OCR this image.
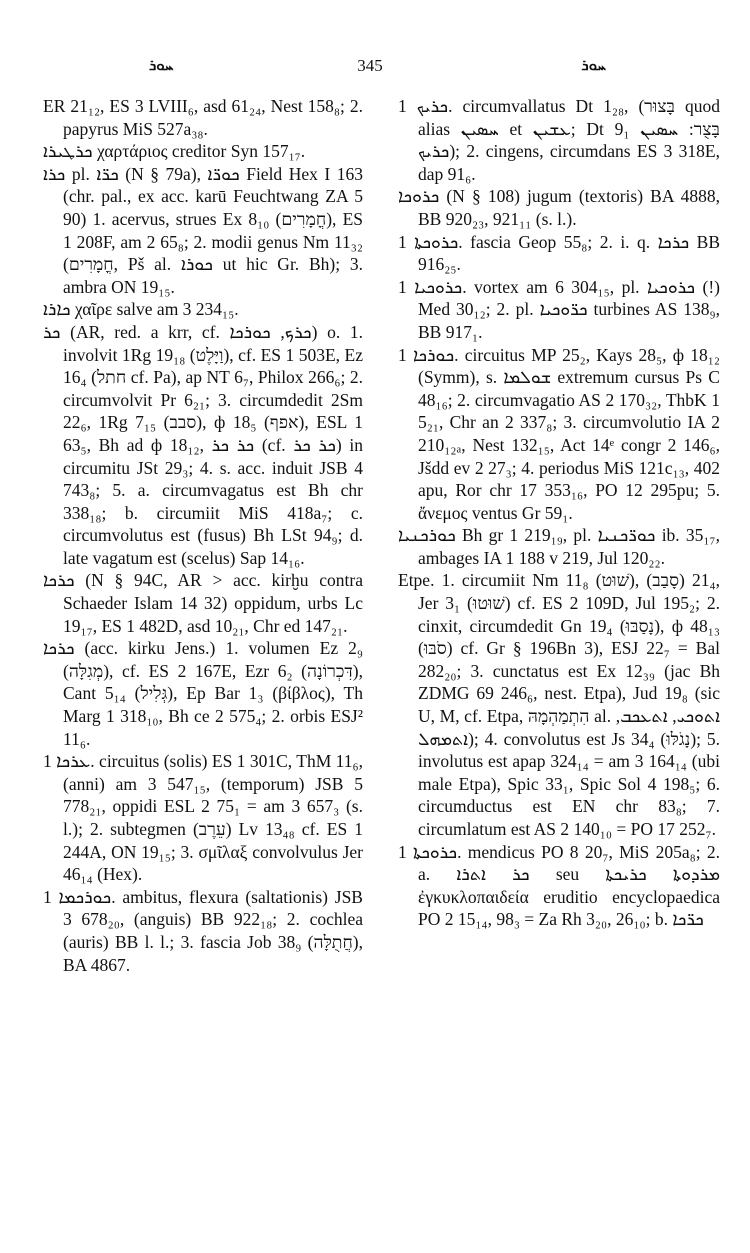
ܚܘܪ	345	ܚܘܪ

ER 21₁₂, ES 3 LVIII₆, asd 61₂₄, Nest 158₈; 2. papyrus MiS 527a₃₈.

ܟܪܛܝܪܐ χαρτάριος creditor Syn 157₁₇.

ܟܪܐ pl. ܟܪ̈ܐ (N § 79a), ܟܘܪ̈ܐ Field Hex I 163 (chr. pal., ex acc. karū Feuchtwang ZA 5 90) 1. acervus, strues Ex 8₁₀ (חֳמָרִים), ES 1 208F, am 2 65₈; 2. modii genus Nm 11₃₂ (חֳמָרִים, Pš al. ܟܘܪܐ ut hic Gr. Bh); 3. ambra ON 19₁₅.

ܟܐܪܐ χαῖρε salve am 3 234₁₅.

ܟܪ (AR, red. a krr, cf. ܟܪܟ, ܟܘܪܟܐ) o. 1. involvit 1Rg 19₁₈ (וַיָּלֶט), cf. ES 1 503E, Ez 16₄ (חתל cf. Pa), ap NT 6₇, Philox 266₆; 2. circumvolvit Pr 6₂₁; 3. circumdedit 2Sm 22₆, 1Rg 7₁₅ (סבב), ф 18₅ (אפף), ESL 1 63₅, Bh ad ф 18₁₂, ܟܪ ܟܪ (cf. ܟܪ ܟܪ) in circumitu JSt 29₃; 4. s. acc. induit JSB 4 743₈; 5. a. circumvagatus est Bh chr 338₁₈; b. circumiit MiS 418a₇; c. circumvolutus est (fusus) Bh LSt 94₉; d. late vagatum est (scelus) Sap 14₁₆.

ܟܪܟܐ (N § 94C, AR > acc. kirḫu contra Schaeder Islam 14 32) oppidum, urbs Lc 19₁₇, ES 1 482D, asd 10₂₁, Chr ed 147₂₁.

ܟܪܟܐ (acc. kirku Jens.) 1. volumen Ez 2₉ (מְגִלָּה), cf. ES 2 167E, Ezr 6₂ (דִּכְרוֹנָה), Cant 5₁₄ (גְּלִיל), Ep Bar 1₃ (βίβλος), Th Marg 1 318₁₀, Bh ce 2 575₄; 2. orbis ESJ² 11₆.

ܥܪܟܐ 1. circuitus (solis) ES 1 301C, ThM 11₆, (anni) am 3 547₁₅, (temporum) JSB 5 778₂₁, oppidi ESL 2 75₁ = am 3 657₃ (s. l.); 2. subtegmen (עֵרֶב) Lv 13₄₈ cf. ES 1 244A, ON 19₁₅; 3. σμῖλαξ convolvulus Jer 46₁₄ (Hex).

ܟܘܪܟܡܐ 1. ambitus, flexura (saltationis) JSB 3 678₂₀, (anguis) BB 922₁₈; 2. cochlea (auris) BB l. l.; 3. fascia Job 38₉ (חֲתֻלָּה), BA 4867.

ܟܪܝܟ 1. circumvallatus Dt 1₂₈, (בָּצוּר quod alias ܚܣܝܢ et ܥܫܝܢ; Dt 9₁ בָּצֻר: ܚܣܝܢ ܟܪܝܟ); 2. cingens, circumdans ES 3 318E, dap 91₆.

ܟܪܘܟܐ (N § 108) jugum (textoris) BA 4888, BB 920₂₃, 921₁₁ (s. l.).

ܟܪܘܟܬܐ 1. fascia Geop 55₈; 2. i. q. ܟܪܟܐ BB 916₂₅.

ܟܪܘܟܝܐ 1. vortex am 6 304₁₅, pl. ܟܪܘܟܝܐ (!) Med 30₁₂; 2. pl. ܟܪ̈ܘܟܝܐ turbines AS 138₉, BB 917₁.

ܟܘܪܟܐ 1. circuitus MP 25₂, Kays 28₅, ф 18₁₂ (Symm), s. ܫܘܠܡܐ extremum cursus Ps C 48₁₆; 2. circumvagatio AS 2 170₃₂, ThbK 1 5₂₁, Chr an 2 337₈; 3. circumvolutio IA 2 210₁₂ₐ, Nest 132₁₅, Act 14ᵉ congr 2 146₆, Jšdd ev 2 27₃; 4. periodus MiS 121c₁₃, 402 apu, Ror chr 17 353₁₆, PO 12 295pu; 5. ἄνεμος ventus Gr 59₁.

ܟܘܪܟܢܝܐ Bh gr 1 219₁₉, pl. ܟܘܪ̈ܟܢܝܐ ib. 35₁₇, ambages IA 1 188 v 219, Jul 120₂₂.

Etpe. 1. circumiit Nm 11₈ (שׁוּט), 21₄ (סָבַב), Jer 3₁ (שׁוּטוּ) cf. ES 2 109D, Jul 195₂; 2. cinxit, circumdedit Gn 19₄ (נָסַבּוּ), ф 48₁₃ (סֹבּוּ) cf. Gr § 196Bn 3), ESJ 22₇ = Bal 282₂₀; 3. cunctatus est Ex 12₃₉ (jac Bh ZDMG 69 246₆, nest. Etpa), Jud 19₈ (sic U, M, cf. Etpa, הִתְמַהְמָהּ al. ܐܬܘܟܝ, ܐܬܥܟܒ, ܐܬܡܗܠ); 4. convolutus est Js 34₄ (נָגֹלּוּ); 5. involutus est apap 324₁₄ = am 3 164₁₄ (ubi male Etpa), Spic 33₁, Spic Sol 4 198₅; 6. circumductus est EN chr 83₈; 7. circumlatum est AS 2 140₁₀ = PO 17 252₇.

ܟܪܘܟܬܐ 1. mendicus PO 8 20₇, MiS 205a₈; 2. a. ܟܪ ܐܬܪܐ seu ܡܪܕܘܬܐ ܟܪܝܟܬܐ ἐγκυκλοπαιδεία eruditio encyclopaedica PO 2 15₁₄, 98₃ = Za Rh 3₂₀, 26₁₀; b. ܟܪ̈ܟܐ
